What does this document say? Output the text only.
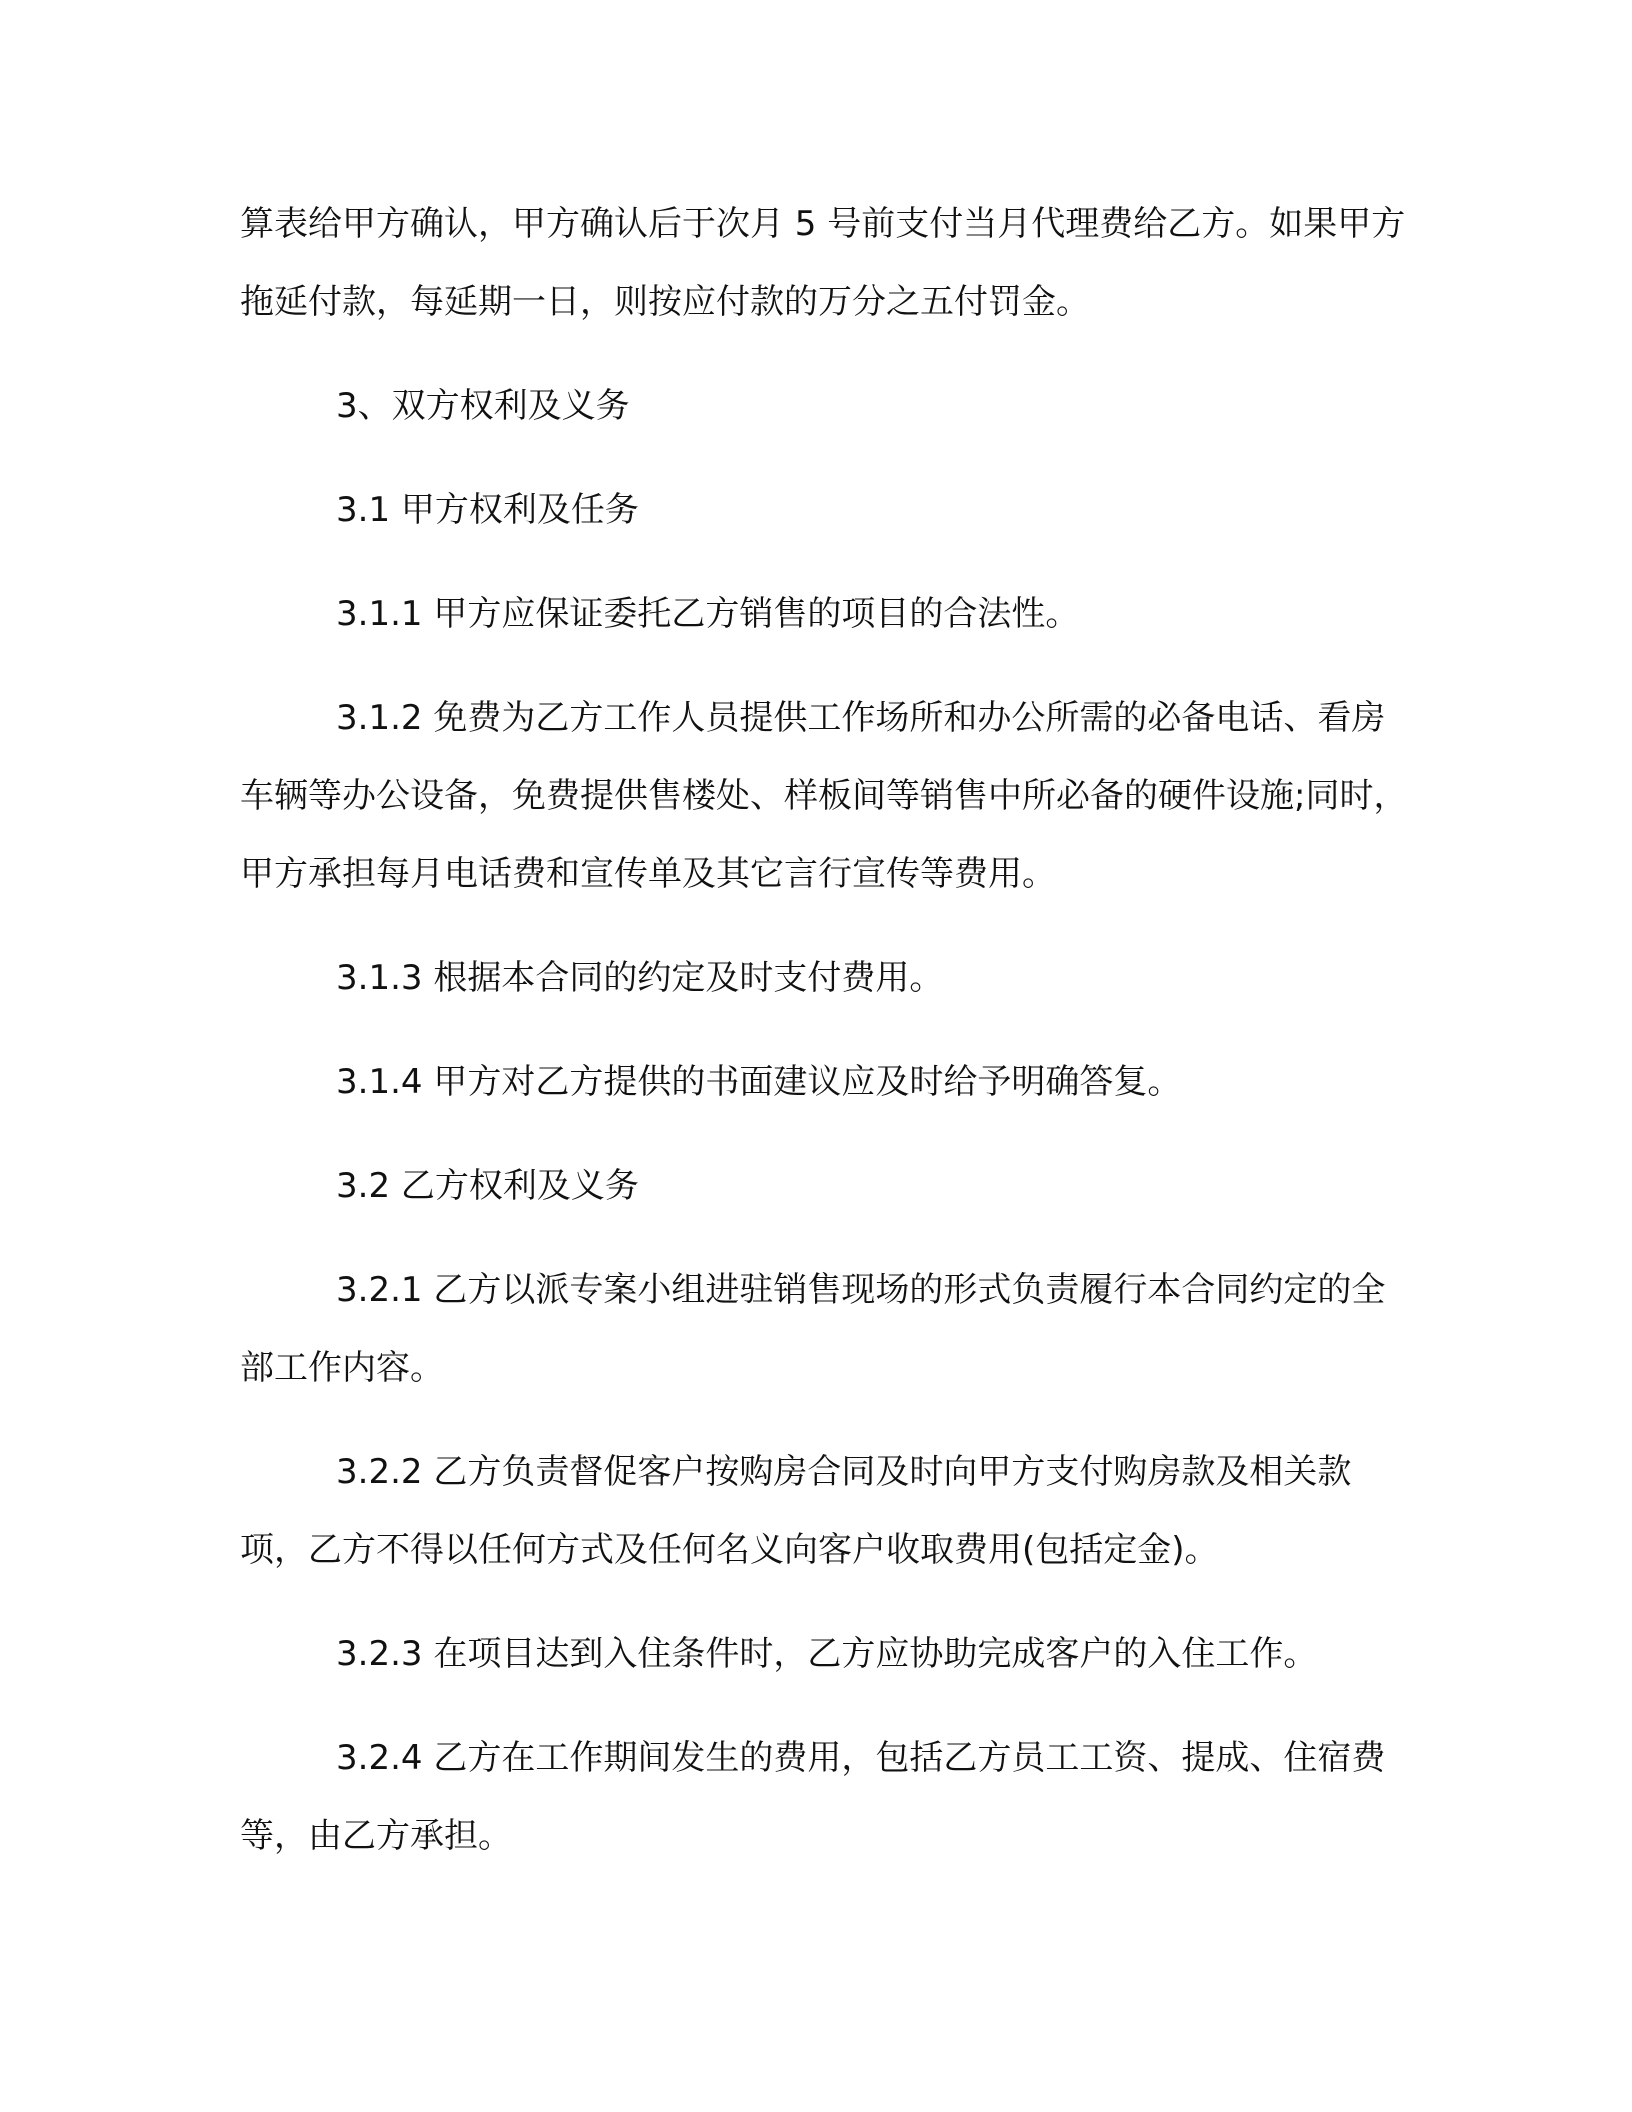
算表给甲方确认，甲方确认后于次月 5 号前支付当月代理费给乙方。如果甲方拖延付款，每延期一日，则按应付款的万分之五付罚金。

3、双方权利及义务

3.1 甲方权利及任务

3.1.1 甲方应保证委托乙方销售的项目的合法性。

3.1.2 免费为乙方工作人员提供工作场所和办公所需的必备电话、看房车辆等办公设备，免费提供售楼处、样板间等销售中所必备的硬件设施;同时，甲方承担每月电话费和宣传单及其它言行宣传等费用。

3.1.3 根据本合同的约定及时支付费用。

3.1.4 甲方对乙方提供的书面建议应及时给予明确答复。

3.2 乙方权利及义务

3.2.1 乙方以派专案小组进驻销售现场的形式负责履行本合同约定的全部工作内容。

3.2.2 乙方负责督促客户按购房合同及时向甲方支付购房款及相关款项，乙方不得以任何方式及任何名义向客户收取费用(包括定金)。

3.2.3 在项目达到入住条件时，乙方应协助完成客户的入住工作。

3.2.4 乙方在工作期间发生的费用，包括乙方员工工资、提成、住宿费等，由乙方承担。
